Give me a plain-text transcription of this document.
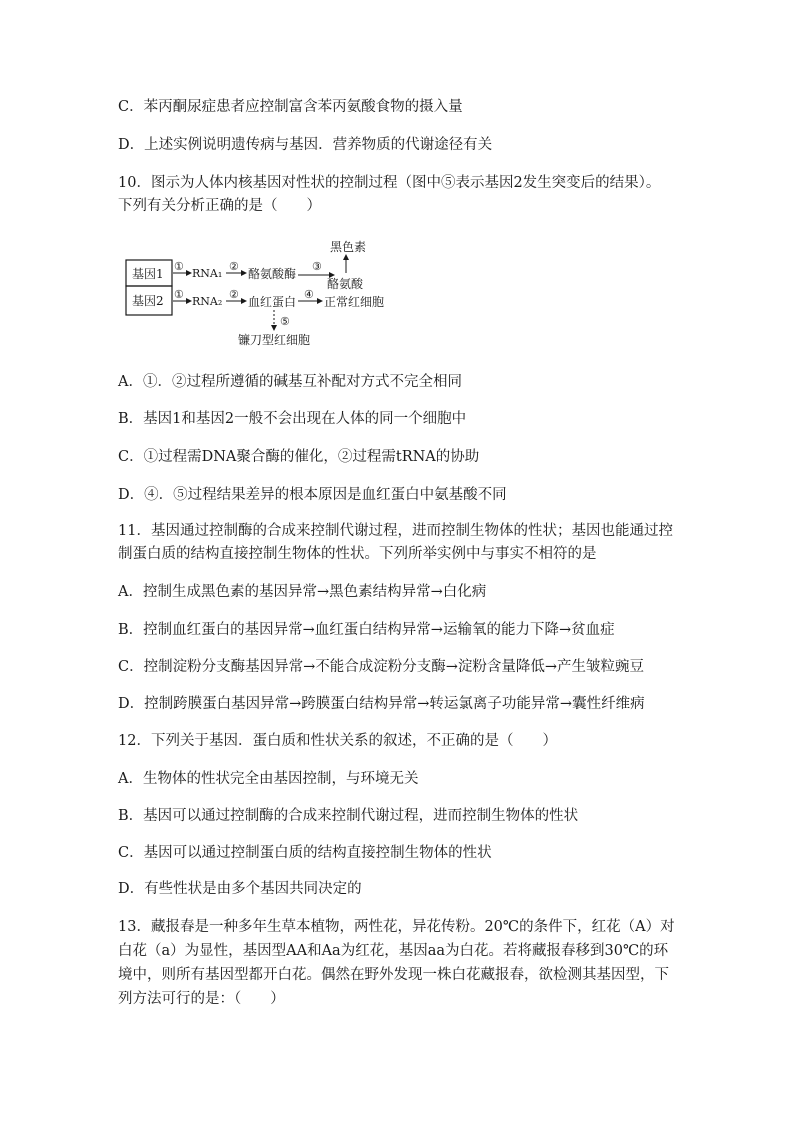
C．苯丙酮尿症患者应控制富含苯丙氨酸食物的摄入量

D．上述实例说明遗传病与基因．营养物质的代谢途径有关

10．图示为人体内核基因对性状的控制过程（图中⑤表示基因2发生突变后的结果）。

下列有关分析正确的是（　　）

基因1
基因2
①
RNA₁
②
酪氨酸酶
③
黑色素
酪氨酸
①
RNA₂
②
血红蛋白
④
正常红细胞
⑤
镰刀型红细胞

A．①．②过程所遵循的碱基互补配对方式不完全相同

B．基因1和基因2一般不会出现在人体的同一个细胞中

C．①过程需DNA聚合酶的催化，②过程需tRNA的协助

D．④．⑤过程结果差异的根本原因是血红蛋白中氨基酸不同

11．基因通过控制酶的合成来控制代谢过程，进而控制生物体的性状；基因也能通过控

制蛋白质的结构直接控制生物体的性状。下列所举实例中与事实不相符的是

A．控制生成黑色素的基因异常→黑色素结构异常→白化病

B．控制血红蛋白的基因异常→血红蛋白结构异常→运输氧的能力下降→贫血症

C．控制淀粉分支酶基因异常→不能合成淀粉分支酶→淀粉含量降低→产生皱粒豌豆

D．控制跨膜蛋白基因异常→跨膜蛋白结构异常→转运氯离子功能异常→囊性纤维病

12．下列关于基因．蛋白质和性状关系的叙述，不正确的是（　　）

A．生物体的性状完全由基因控制，与环境无关

B．基因可以通过控制酶的合成来控制代谢过程，进而控制生物体的性状

C．基因可以通过控制蛋白质的结构直接控制生物体的性状

D．有些性状是由多个基因共同决定的

13．藏报春是一种多年生草本植物，两性花，异花传粉。20℃的条件下，红花（A）对

白花（a）为显性，基因型AA和Aa为红花，基因aa为白花。若将藏报春移到30℃的环

境中，则所有基因型都开白花。偶然在野外发现一株白花藏报春，欲检测其基因型，下

列方法可行的是：（　　）
